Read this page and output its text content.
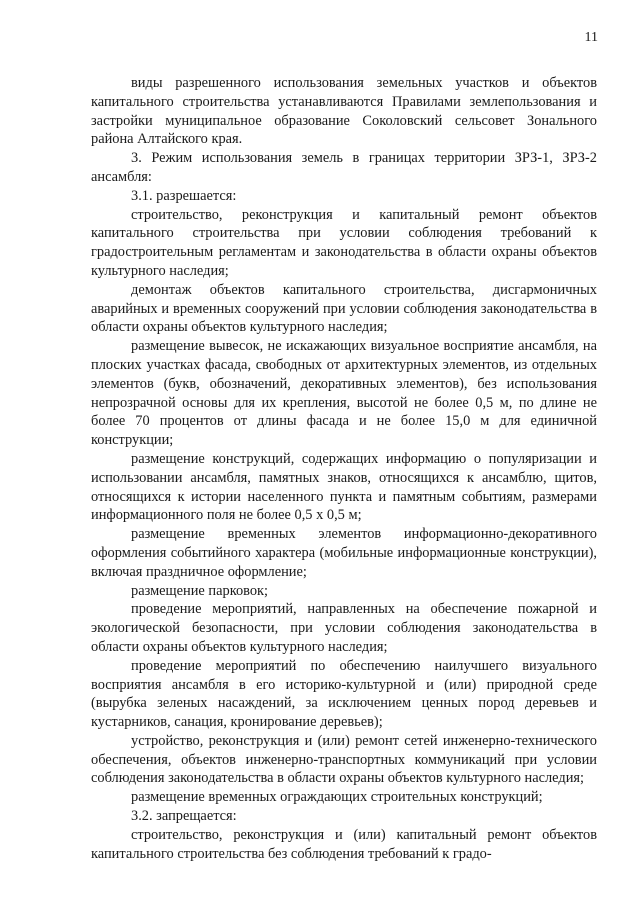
11

виды разрешенного использования земельных участков и объектов капитального строительства устанавливаются Правилами землепользования и застройки муниципальное образование Соколовский сельсовет Зонального района Алтайского края.

3. Режим использования земель в границах территории ЗРЗ-1, ЗРЗ-2 ансамбля:

3.1. разрешается:

строительство, реконструкция и капитальный ремонт объектов капитального строительства при условии соблюдения требований к градостроительным регламентам и законодательства в области охраны объектов культурного наследия;

демонтаж объектов капитального строительства, дисгармоничных аварийных и временных сооружений при условии соблюдения законодательства в области охраны объектов культурного наследия;

размещение вывесок, не искажающих визуальное восприятие ансамбля, на плоских участках фасада, свободных от архитектурных элементов, из отдельных элементов (букв, обозначений, декоративных элементов), без использования непрозрачной основы для их крепления, высотой не более 0,5 м, по длине не более 70 процентов от длины фасада и не более 15,0 м для единичной конструкции;

размещение конструкций, содержащих информацию о популяризации и использовании ансамбля, памятных знаков, относящихся к ансамблю, щитов, относящихся к истории населенного пункта и памятным событиям, размерами информационного поля не более 0,5 х 0,5 м;

размещение временных элементов информационно-декоративного оформления событийного характера (мобильные информационные конструкции), включая праздничное оформление;

размещение парковок;

проведение мероприятий, направленных на обеспечение пожарной и экологической безопасности, при условии соблюдения законодательства в области охраны объектов культурного наследия;

проведение мероприятий по обеспечению наилучшего визуального восприятия ансамбля в его историко-культурной и (или) природной среде (вырубка зеленых насаждений, за исключением ценных пород деревьев и кустарников, санация, кронирование деревьев);

устройство, реконструкция и (или) ремонт сетей инженерно-технического обеспечения, объектов инженерно-транспортных коммуникаций при условии соблюдения законодательства в области охраны объектов культурного наследия;

размещение временных ограждающих строительных конструкций;

3.2. запрещается:

строительство, реконструкция и (или) капитальный ремонт объектов капитального строительства без соблюдения требований к градо-
